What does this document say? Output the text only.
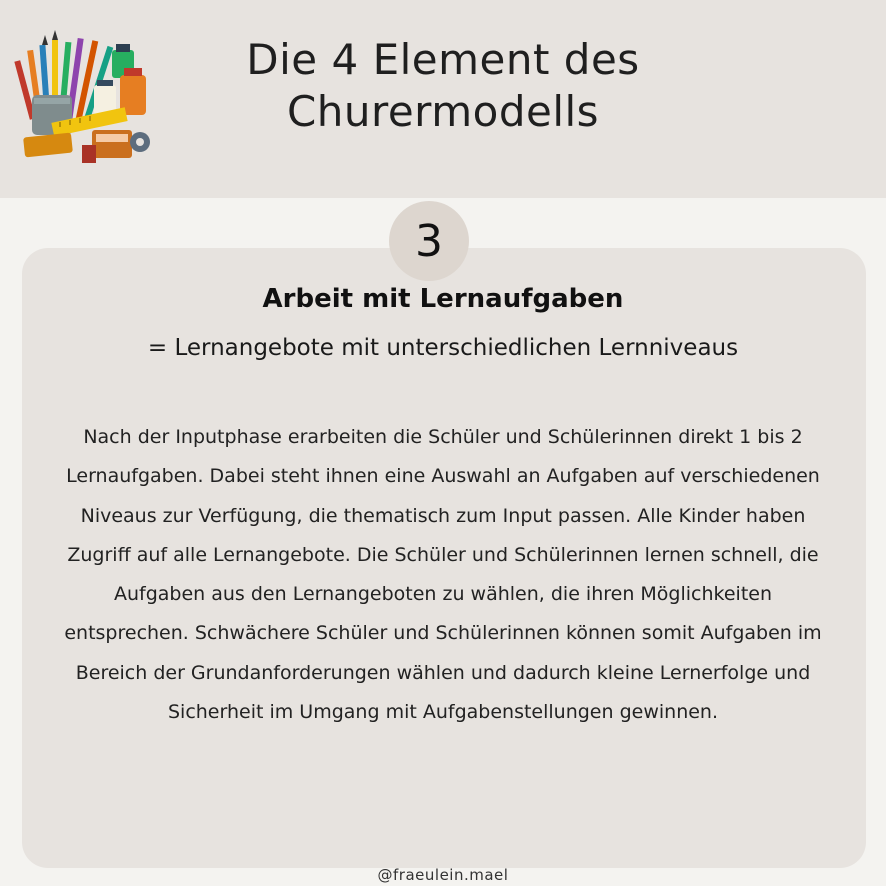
Die 4 Element des Churermodells
3
Arbeit mit Lernaufgaben
= Lernangebote mit unterschiedlichen Lernniveaus
Nach der Inputphase erarbeiten die Schüler und Schülerinnen direkt 1 bis 2 Lernaufgaben. Dabei steht ihnen eine Auswahl an Aufgaben auf verschiedenen Niveaus zur Verfügung, die thematisch zum Input passen. Alle Kinder haben Zugriff auf alle Lernangebote. Die Schüler und Schülerinnen lernen schnell, die Aufgaben aus den Lernangeboten zu wählen, die ihren Möglichkeiten entsprechen. Schwächere Schüler und Schülerinnen können somit Aufgaben im Bereich der Grundanforderungen wählen und dadurch kleine Lernerfolge und Sicherheit im Umgang mit Aufgabenstellungen gewinnen.
@fraeulein.mael
